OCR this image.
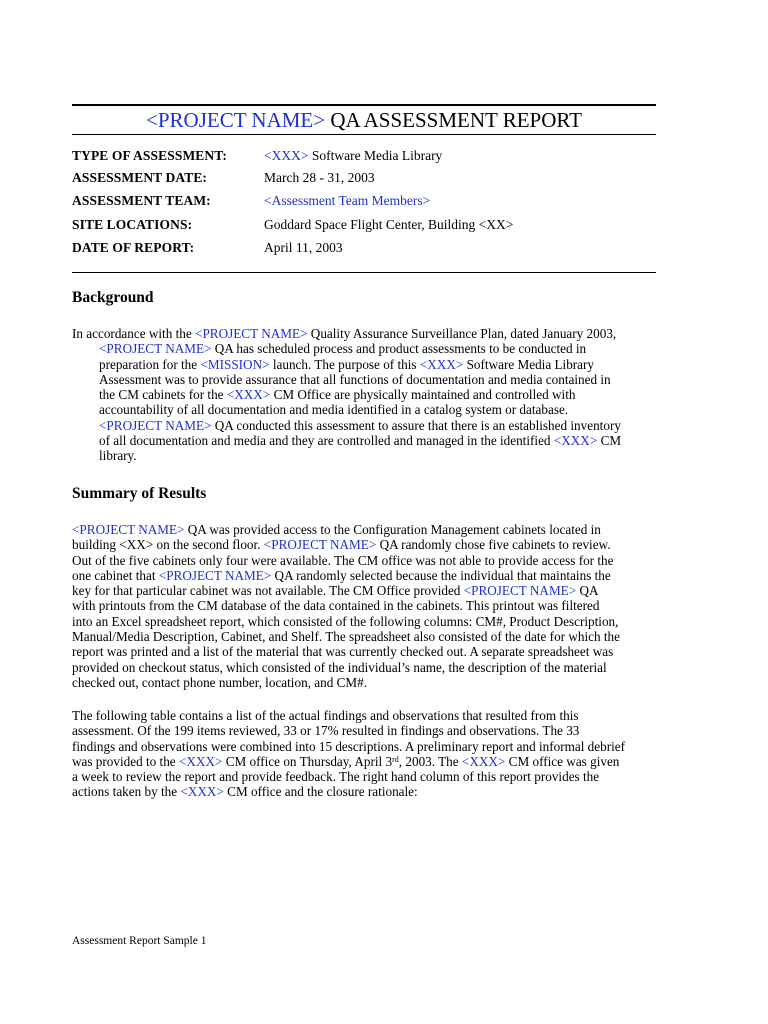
<PROJECT NAME> QA ASSESSMENT REPORT
TYPE OF ASSESSMENT:	<XXX> Software Media Library
ASSESSMENT DATE:	March 28 - 31, 2003
ASSESSMENT TEAM:	<Assessment Team Members>
SITE LOCATIONS:	Goddard Space Flight Center, Building <XX>
DATE OF REPORT:	April 11, 2003
Background
In accordance with the <PROJECT NAME> Quality Assurance Surveillance Plan, dated January 2003,
<PROJECT NAME> QA has scheduled process and product assessments to be conducted in
preparation for the <MISSION> launch. The purpose of this <XXX> Software Media Library
Assessment was to provide assurance that all functions of documentation and media contained in
the CM cabinets for the <XXX> CM Office are physically maintained and controlled with
accountability of all documentation and media identified in a catalog system or database.
<PROJECT NAME> QA conducted this assessment to assure that there is an established inventory
of all documentation and media and they are controlled and managed in the identified <XXX> CM
library.
Summary of Results
<PROJECT NAME> QA was provided access to the Configuration Management cabinets located in
building <XX> on the second floor. <PROJECT NAME> QA randomly chose five cabinets to review.
Out of the five cabinets only four were available. The CM office was not able to provide access for the
one cabinet that <PROJECT NAME> QA randomly selected because the individual that maintains the
key for that particular cabinet was not available. The CM Office provided <PROJECT NAME> QA
with printouts from the CM database of the data contained in the cabinets. This printout was filtered
into an Excel spreadsheet report, which consisted of the following columns: CM#, Product Description,
Manual/Media Description, Cabinet, and Shelf. The spreadsheet also consisted of the date for which the
report was printed and a list of the material that was currently checked out. A separate spreadsheet was
provided on checkout status, which consisted of the individual’s name, the description of the material
checked out, contact phone number, location, and CM#.
The following table contains a list of the actual findings and observations that resulted from this
assessment. Of the 199 items reviewed, 33 or 17% resulted in findings and observations. The 33
findings and observations were combined into 15 descriptions. A preliminary report and informal debrief
was provided to the <XXX> CM office on Thursday, April 3rd, 2003. The <XXX> CM office was given
a week to review the report and provide feedback. The right hand column of this report provides the
actions taken by the <XXX> CM office and the closure rationale:
Assessment Report Sample 1
